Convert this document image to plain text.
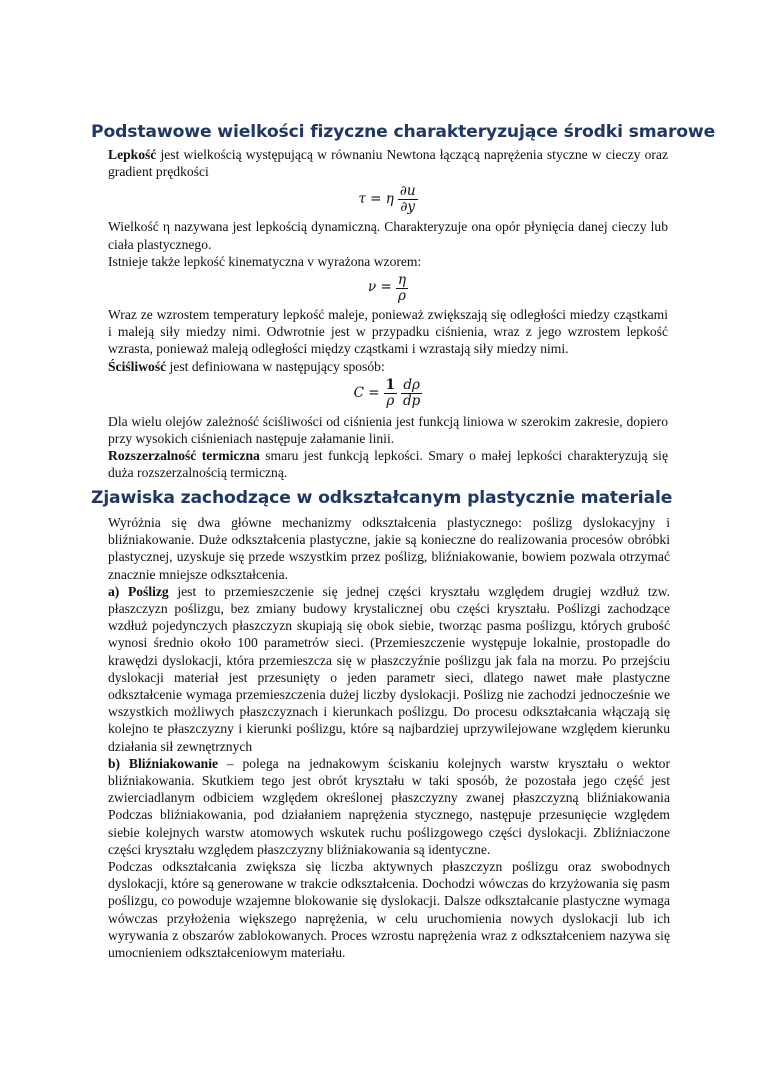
Podstawowe wielkości fizyczne charakteryzujące środki smarowe

Lepkość jest wielkością występującą w równaniu Newtona łączącą naprężenia styczne w cieczy oraz gradient prędkości

τ = η $\frac{\partial u}{\partial y}$

Wielkość η nazywana jest lepkością dynamiczną. Charakteryzuje ona opór płynięcia danej cieczy lub ciała plastycznego.

Istnieje także lepkość kinematyczna v wyrażona wzorem:

$\nu = \frac{\eta}{\rho}$

Wraz ze wzrostem temperatury lepkość maleje, ponieważ zwiększają się odległości miedzy cząstkami i maleją siły miedzy nimi. Odwrotnie jest w przypadku ciśnienia, wraz z jego wzrostem lepkość wzrasta, ponieważ maleją odległości między cząstkami i wzrastają siły miedzy nimi.

Ściśliwość jest definiowana w następujący sposób:

$C = \frac{1}{\rho} \frac{d\rho}{dp}$

Dla wielu olejów zależność ściśliwości od ciśnienia jest funkcją liniowa w szerokim zakresie, dopiero przy wysokich ciśnieniach następuje załamanie linii.

Rozszerzalność termiczna smaru jest funkcją lepkości. Smary o małej lepkości charakteryzują się duża rozszerzalnością termiczną.

Zjawiska zachodzące w odkształcanym plastycznie materiale

Wyróżnia się dwa główne mechanizmy odkształcenia plastycznego: poślizg dyslokacyjny i bliźniakowanie. Duże odkształcenia plastyczne, jakie są konieczne do realizowania procesów obróbki plastycznej, uzyskuje się przede wszystkim przez poślizg, bliźniakowanie, bowiem pozwala otrzymać znacznie mniejsze odkształcenia.

a) Poślizg jest to przemieszczenie się jednej części kryształu względem drugiej wzdłuż tzw. płaszczyzn poślizgu, bez zmiany budowy krystalicznej obu części kryształu. Poślizgi zachodzące wzdłuż pojedynczych płaszczyzn skupiają się obok siebie, tworząc pasma poślizgu, których grubość wynosi średnio około 100 parametrów sieci. (Przemieszczenie występuje lokalnie, prostopadle do krawędzi dyslokacji, która przemieszcza się w płaszczyźnie poślizgu jak fala na morzu. Po przejściu dyslokacji materiał jest przesunięty o jeden parametr sieci, dlatego nawet małe plastyczne odkształcenie wymaga przemieszczenia dużej liczby dyslokacji. Poślizg nie zachodzi jednocześnie we wszystkich możliwych płaszczyznach i kierunkach poślizgu. Do procesu odkształcania włączają się kolejno te płaszczyzny i kierunki poślizgu, które są najbardziej uprzywilejowane względem kierunku działania sił zewnętrznych

b) Bliźniakowanie – polega na jednakowym ściskaniu kolejnych warstw kryształu o wektor bliźniakowania. Skutkiem tego jest obrót kryształu w taki sposób, że pozostała jego część jest zwierciadlanym odbiciem względem określonej płaszczyzny zwanej płaszczyzną bliźniakowania Podczas bliźniakowania, pod działaniem naprężenia stycznego, następuje przesunięcie względem siebie kolejnych warstw atomowych wskutek ruchu poślizgowego części dyslokacji. Zbliźniaczone części kryształu względem płaszczyzny bliźniakowania są identyczne.

Podczas odkształcania zwiększa się liczba aktywnych płaszczyzn poślizgu oraz swobodnych dyslokacji, które są generowane w trakcie odkształcenia. Dochodzi wówczas do krzyżowania się pasm poślizgu, co powoduje wzajemne blokowanie się dyslokacji. Dalsze odkształcanie plastyczne wymaga wówczas przyłożenia większego naprężenia, w celu uruchomienia nowych dyslokacji lub ich wyrywania z obszarów zablokowanych. Proces wzrostu naprężenia wraz z odkształceniem nazywa się umocnieniem odkształceniowym materiału.
